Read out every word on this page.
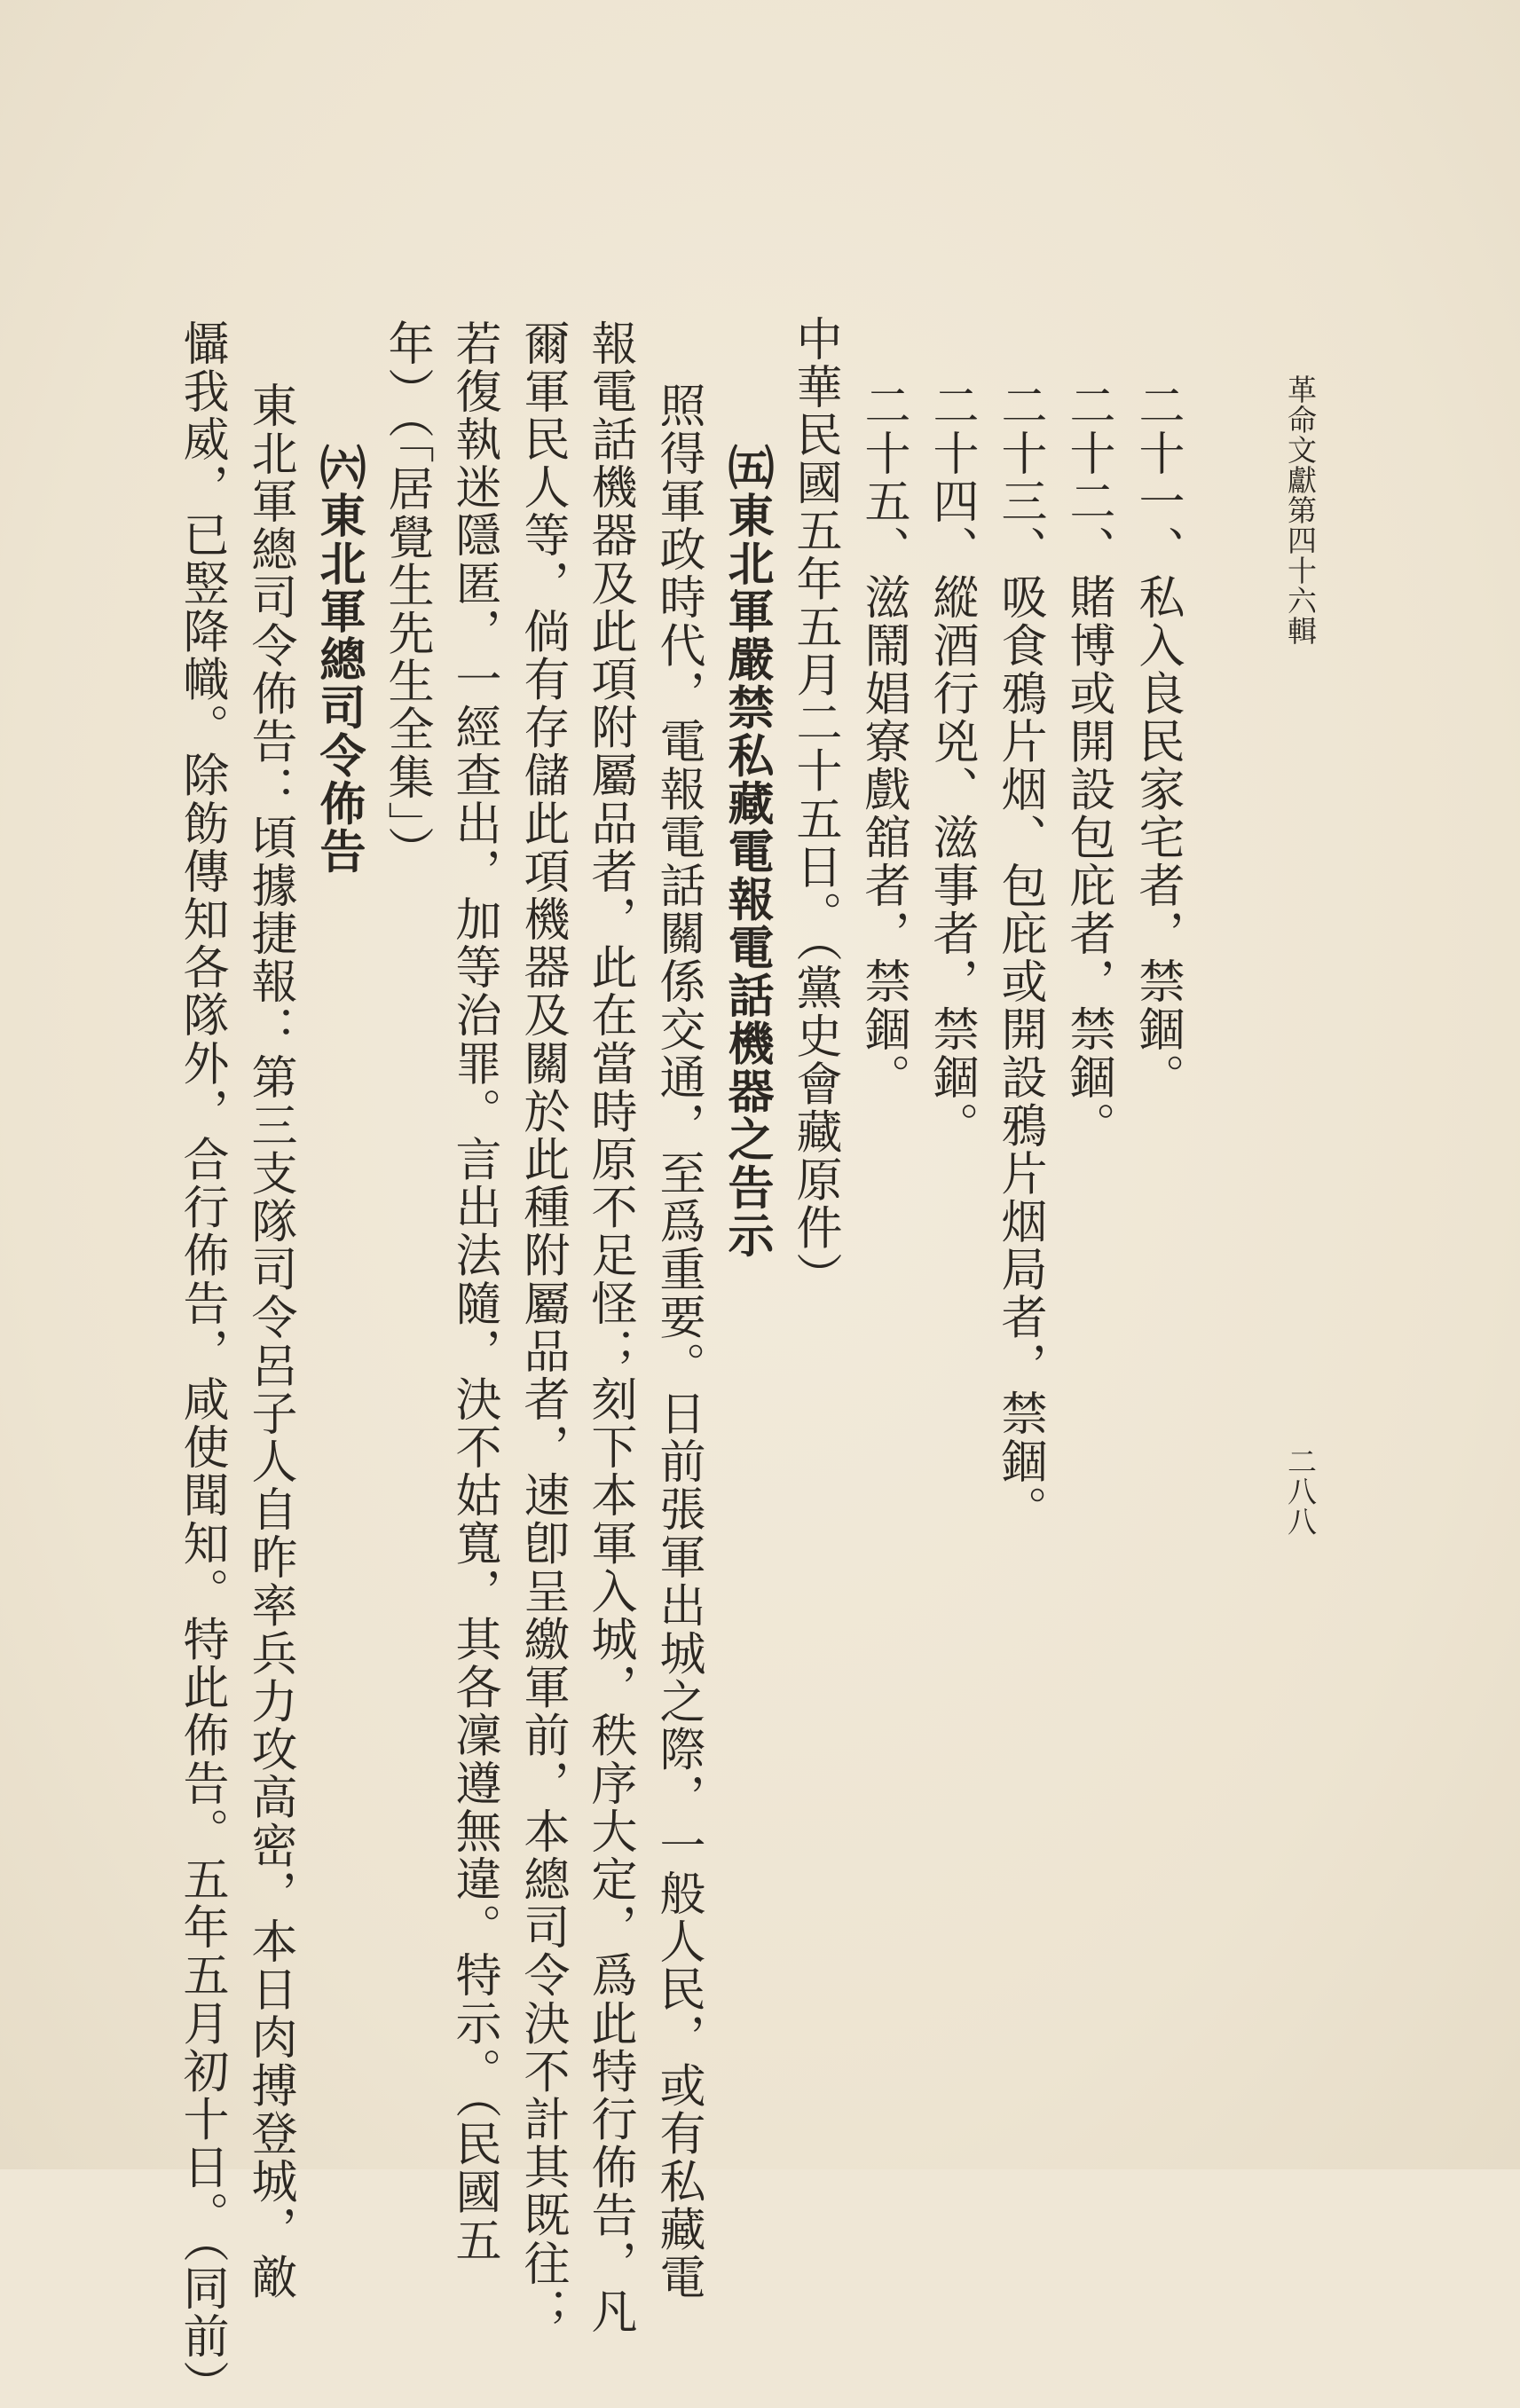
革命文獻第四十六輯
二八八
二十一、私入良民家宅者，禁錮。
二十二、賭博或開設包庇者，禁錮。
二十三、吸食鴉片烟、包庇或開設鴉片烟局者，禁錮。
二十四、縱酒行兇、滋事者，禁錮。
二十五、滋鬧娼寮戲舘者，禁錮。
中華民國五年五月二十五日。（黨史會藏原件）
㈤東北軍嚴禁私藏電報電話機器之告示
照得軍政時代，電報電話關係交通，至爲重要。日前張軍出城之際，一般人民，或有私藏電
報電話機器及此項附屬品者，此在當時原不足怪；刻下本軍入城，秩序大定，爲此特行佈告，凡
爾軍民人等，倘有存儲此項機器及關於此種附屬品者，速卽呈繳軍前，本總司令決不計其既往；
若復執迷隱匿，一經查出，加等治罪。言出法隨，決不姑寬，其各凜遵無違。特示。（民國五
年）（「居覺生先生全集」）
㈥東北軍總司令佈告
東北軍總司令佈告：頃據捷報：第三支隊司令呂子人自昨率兵力攻高密，本日肉搏登城，敵
懾我威，已竪降幟。除飭傳知各隊外，合行佈告，咸使聞知。特此佈告。五年五月初十日。（同前）
